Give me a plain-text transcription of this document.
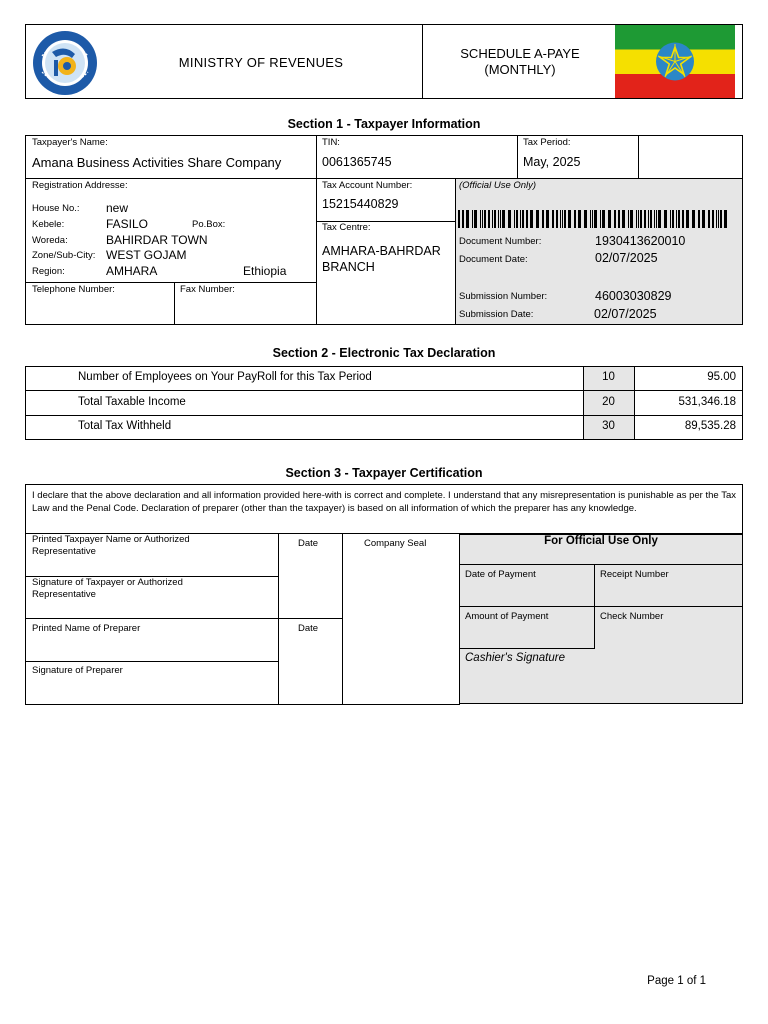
MINISTRY OF REVENUES
SCHEDULE A-PAYE
(MONTHLY)
Section 1 - Taxpayer Information
Taxpayer's Name:
Amana Business Activities Share Company
TIN:
0061365745
Tax Period:
May, 2025
Registration Addresse:
House No.: new
Kebele:	FASILO	Po.Box:
Woreda:	BAHIRDAR TOWN
Zone/Sub-City: WEST GOJAM
Region:	AMHARA	Ethiopia
Telephone Number:	Fax Number:
Tax Account Number:
15215440829
Tax Centre:
AMHARA-BAHRDAR
BRANCH
(Official Use Only)
Document Number:	1930413620010
Document Date:	02/07/2025
Submission Number:	46003030829
Submission Date:	02/07/2025
Section 2 - Electronic Tax Declaration
Number of Employees on Your PayRoll for this Tax Period	10	95.00
Total Taxable Income	20	531,346.18
Total Tax Withheld	30	89,535.28
Section 3 - Taxpayer Certification
I declare that the above declaration and all information provided here-with is correct and complete. I understand that any misrepresentation is punishable as per the Tax Law and the Penal Code. Declaration of preparer (other than the taxpayer) is based on all information of which the preparer has any knowledge.
Printed Taxpayer Name or Authorized Representative
Date	Company Seal
Signature of Taxpayer or Authorized Representative
Printed Name of Preparer	Date
Signature of Preparer
For Official Use Only
Date of Payment	Receipt Number
Amount of Payment	Check Number
Cashier's Signature
Page 1 of 1
